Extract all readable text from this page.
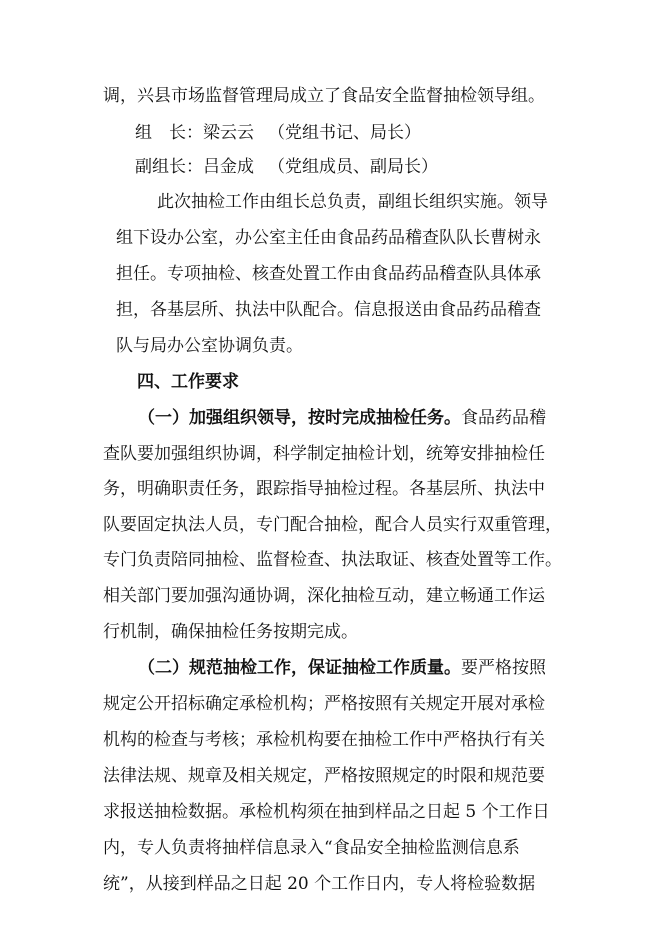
调，兴县市场监督管理局成立了食品安全监督抽检领导组。
组　长：梁云云 （党组书记、局长）
副组长：吕金成 （党组成员、副局长）
此次抽检工作由组长总负责，副组长组织实施。领导
组下设办公室，办公室主任由食品药品稽查队队长曹树永
担任。专项抽检、核查处置工作由食品药品稽查队具体承
担，各基层所、执法中队配合。信息报送由食品药品稽查
队与局办公室协调负责。
四、工作要求
（一）加强组织领导，按时完成抽检任务。食品药品稽
查队要加强组织协调，科学制定抽检计划，统筹安排抽检任
务，明确职责任务，跟踪指导抽检过程。各基层所、执法中
队要固定执法人员，专门配合抽检，配合人员实行双重管理，
专门负责陪同抽检、监督检查、执法取证、核查处置等工作。
相关部门要加强沟通协调，深化抽检互动，建立畅通工作运
行机制，确保抽检任务按期完成。
（二）规范抽检工作，保证抽检工作质量。要严格按照
规定公开招标确定承检机构；严格按照有关规定开展对承检
机构的检查与考核；承检机构要在抽检工作中严格执行有关
法律法规、规章及相关规定，严格按照规定的时限和规范要
求报送抽检数据。承检机构须在抽到样品之日起 5 个工作日
内，专人负责将抽样信息录入“食品安全抽检监测信息系
统”，从接到样品之日起 20 个工作日内，专人将检验数据
